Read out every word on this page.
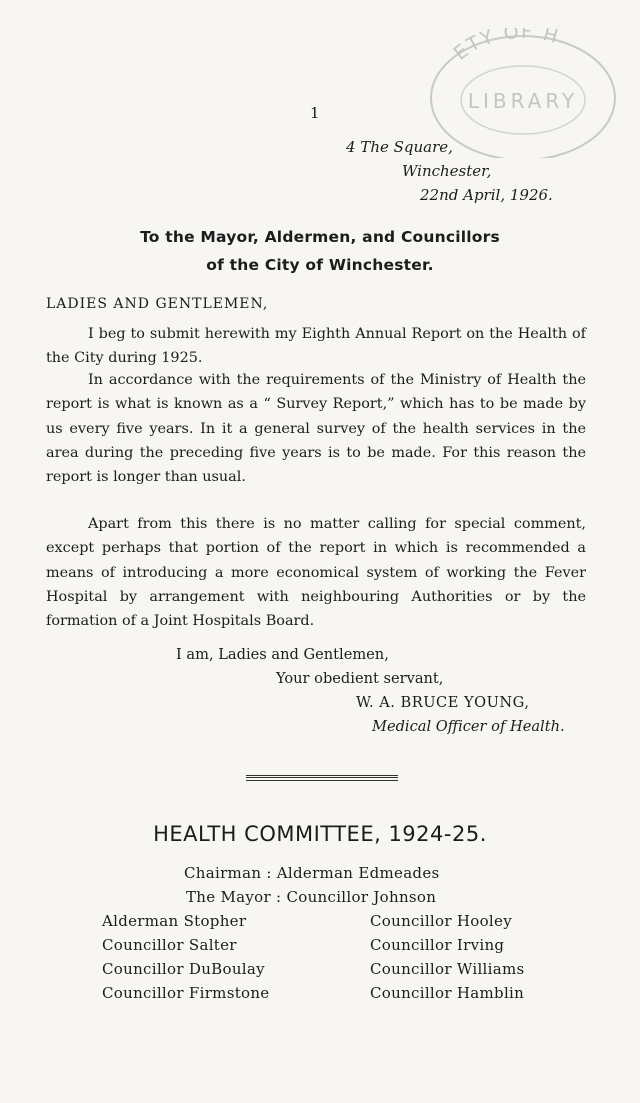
ETY OF H
LIBRARY
1
4 The Square,
Winchester,
22nd April, 1926.
To the Mayor, Aldermen, and Councillors
of the City of Winchester.
LADIES AND GENTLEMEN,

I beg to submit herewith my Eighth Annual Report on the Health of the City during 1925.

In accordance with the requirements of the Ministry of Health the report is what is known as a “ Survey Report,” which has to be made by us every five years. In it a general survey of the health services in the area during the preceding five years is to be made. For this reason the report is longer than usual.

Apart from this there is no matter calling for special comment, except perhaps that portion of the report in which is recommended a means of introducing a more economical system of working the Fever Hospital by arrangement with neighbouring Authorities or by the formation of a Joint Hospitals Board.

I am, Ladies and Gentlemen,
Your obedient servant,
W. A. BRUCE YOUNG,
Medical Officer of Health.
HEALTH COMMITTEE, 1924-25.
Chairman : Alderman Edmeades
The Mayor : Councillor Johnson
Alderman Stopher
Councillor Salter
Councillor DuBoulay
Councillor Firmstone
Councillor Hooley
Councillor Irving
Councillor Williams
Councillor Hamblin
